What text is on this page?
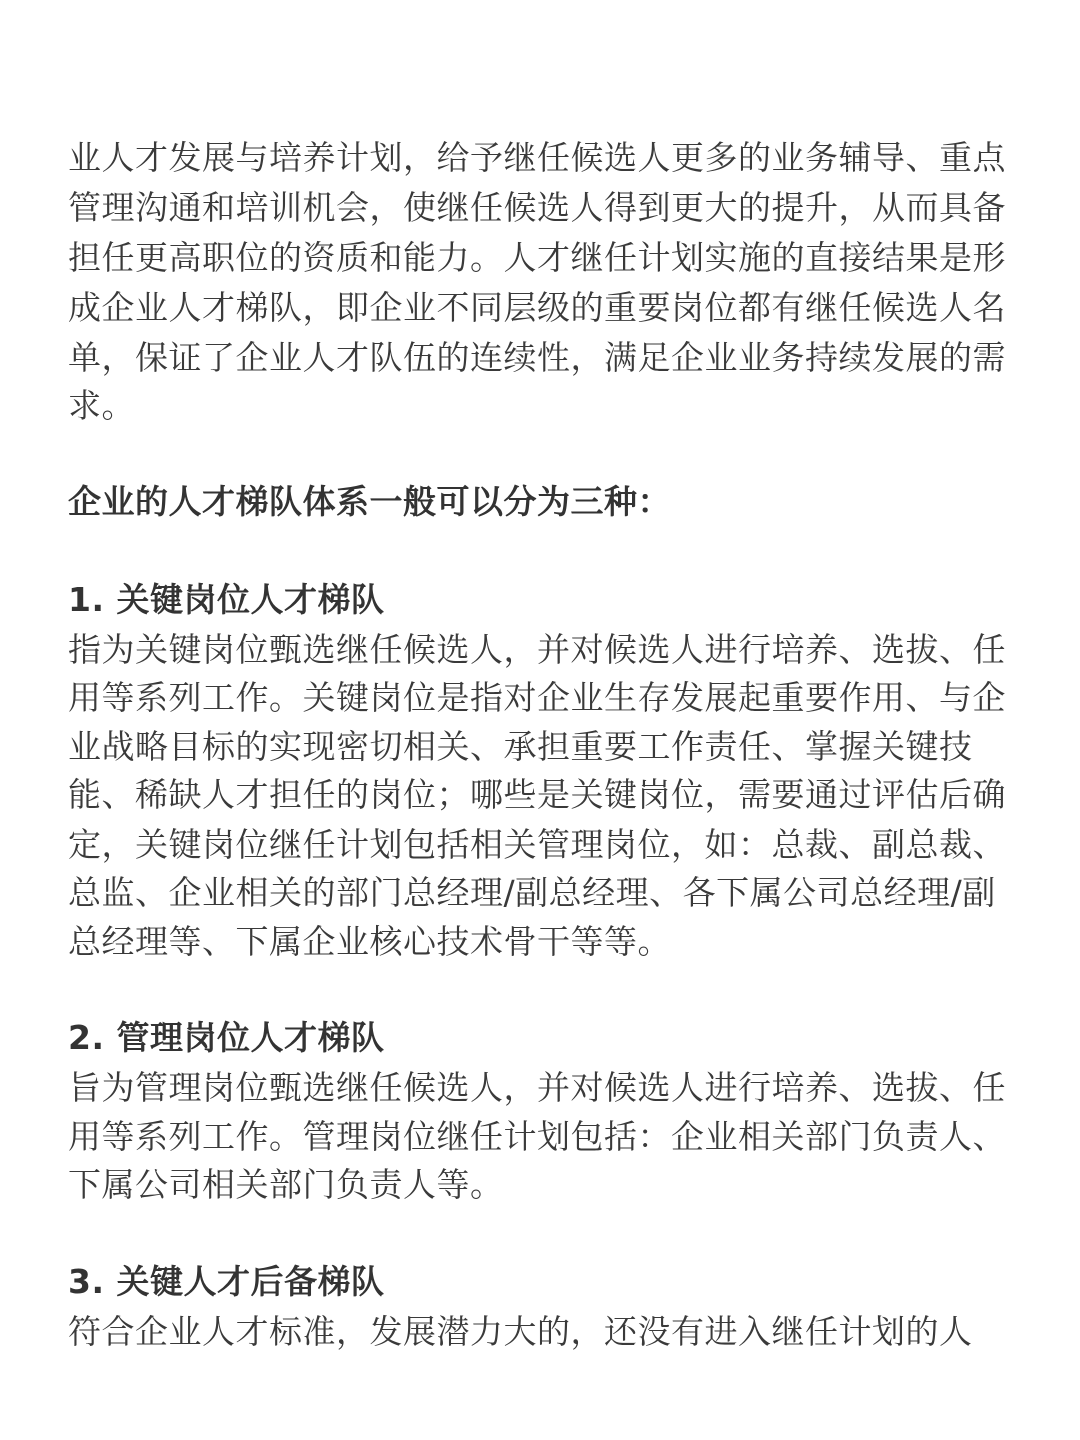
业人才发展与培养计划，给予继任候选人更多的业务辅导、重点
管理沟通和培训机会，使继任候选人得到更大的提升，从而具备
担任更高职位的资质和能力。人才继任计划实施的直接结果是形
成企业人才梯队，即企业不同层级的重要岗位都有继任候选人名
单，保证了企业人才队伍的连续性，满足企业业务持续发展的需
求。
企业的人才梯队体系一般可以分为三种：
1. 关键岗位人才梯队
指为关键岗位甄选继任候选人，并对候选人进行培养、选拔、任
用等系列工作。关键岗位是指对企业生存发展起重要作用、与企
业战略目标的实现密切相关、承担重要工作责任、掌握关键技
能、稀缺人才担任的岗位；哪些是关键岗位，需要通过评估后确
定，关键岗位继任计划包括相关管理岗位，如：总裁、副总裁、
总监、企业相关的部门总经理/副总经理、各下属公司总经理/副
总经理等、下属企业核心技术骨干等等。
2. 管理岗位人才梯队
旨为管理岗位甄选继任候选人，并对候选人进行培养、选拔、任
用等系列工作。管理岗位继任计划包括：企业相关部门负责人、
下属公司相关部门负责人等。
3. 关键人才后备梯队
符合企业人才标准，发展潜力大的，还没有进入继任计划的人
